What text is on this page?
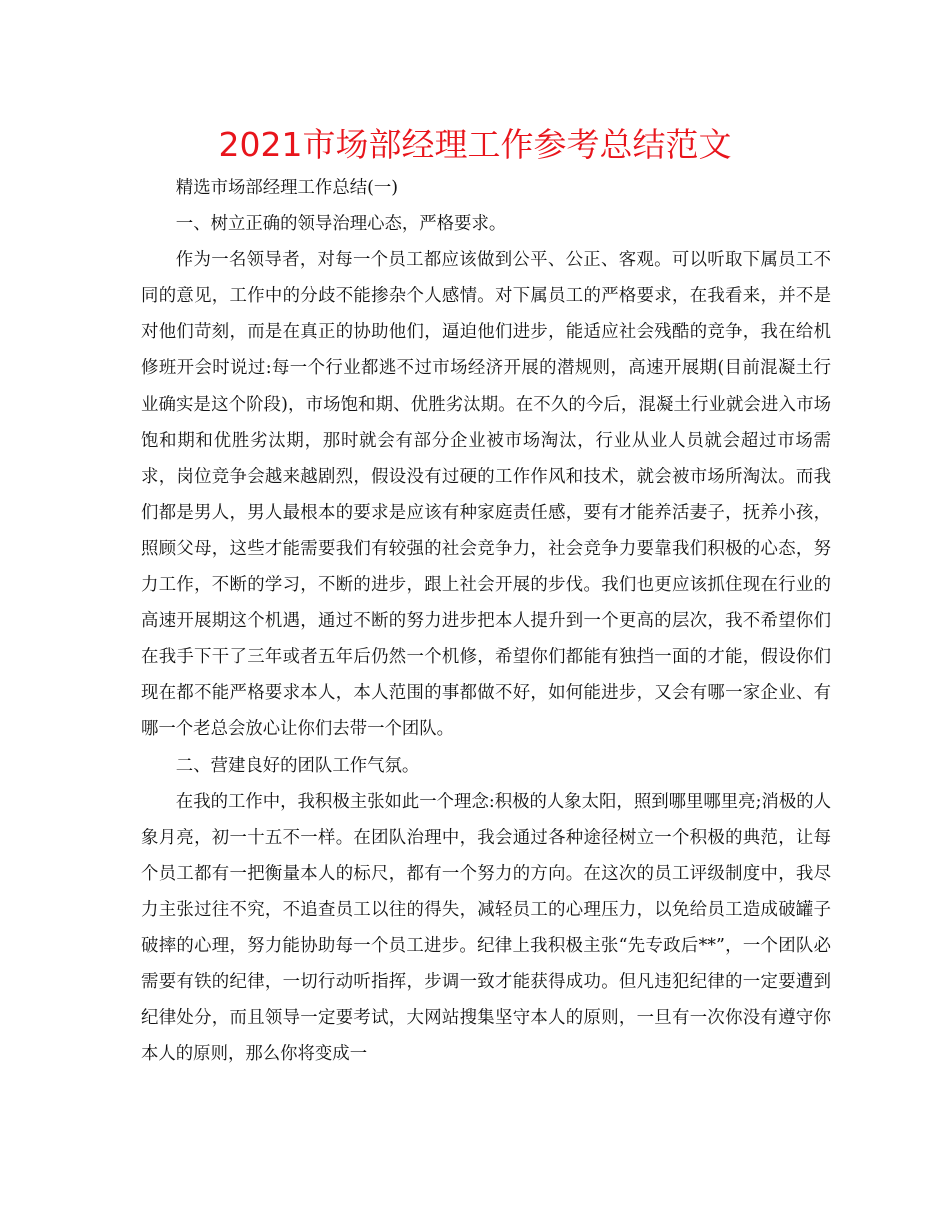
2021市场部经理工作参考总结范文

精选市场部经理工作总结(一)

一、树立正确的领导治理心态，严格要求。

作为一名领导者，对每一个员工都应该做到公平、公正、客观。可以听取下属员工不同的意见，工作中的分歧不能掺杂个人感情。对下属员工的严格要求，在我看来，并不是对他们苛刻，而是在真正的协助他们，逼迫他们进步，能适应社会残酷的竞争，我在给机修班开会时说过:每一个行业都逃不过市场经济开展的潜规则，高速开展期(目前混凝土行业确实是这个阶段)，市场饱和期、优胜劣汰期。在不久的今后，混凝土行业就会进入市场饱和期和优胜劣汰期，那时就会有部分企业被市场淘汰，行业从业人员就会超过市场需求，岗位竞争会越来越剧烈，假设没有过硬的工作作风和技术，就会被市场所淘汰。而我们都是男人，男人最根本的要求是应该有种家庭责任感，要有才能养活妻子，抚养小孩，照顾父母，这些才能需要我们有较强的社会竞争力，社会竞争力要靠我们积极的心态，努力工作，不断的学习，不断的进步，跟上社会开展的步伐。我们也更应该抓住现在行业的高速开展期这个机遇，通过不断的努力进步把本人提升到一个更高的层次，我不希望你们在我手下干了三年或者五年后仍然一个机修，希望你们都能有独挡一面的才能，假设你们现在都不能严格要求本人，本人范围的事都做不好，如何能进步，又会有哪一家企业、有哪一个老总会放心让你们去带一个团队。

二、营建良好的团队工作气氛。

在我的工作中，我积极主张如此一个理念:积极的人象太阳，照到哪里哪里亮;消极的人象月亮，初一十五不一样。在团队治理中，我会通过各种途径树立一个积极的典范，让每个员工都有一把衡量本人的标尺，都有一个努力的方向。在这次的员工评级制度中，我尽力主张过往不究，不追查员工以往的得失，减轻员工的心理压力，以免给员工造成破罐子破摔的心理，努力能协助每一个员工进步。纪律上我积极主张“先专政后**”，一个团队必需要有铁的纪律，一切行动听指挥，步调一致才能获得成功。但凡违犯纪律的一定要遭到纪律处分，而且领导一定要考试，大网站搜集坚守本人的原则，一旦有一次你没有遵守你本人的原则，那么你将变成一
